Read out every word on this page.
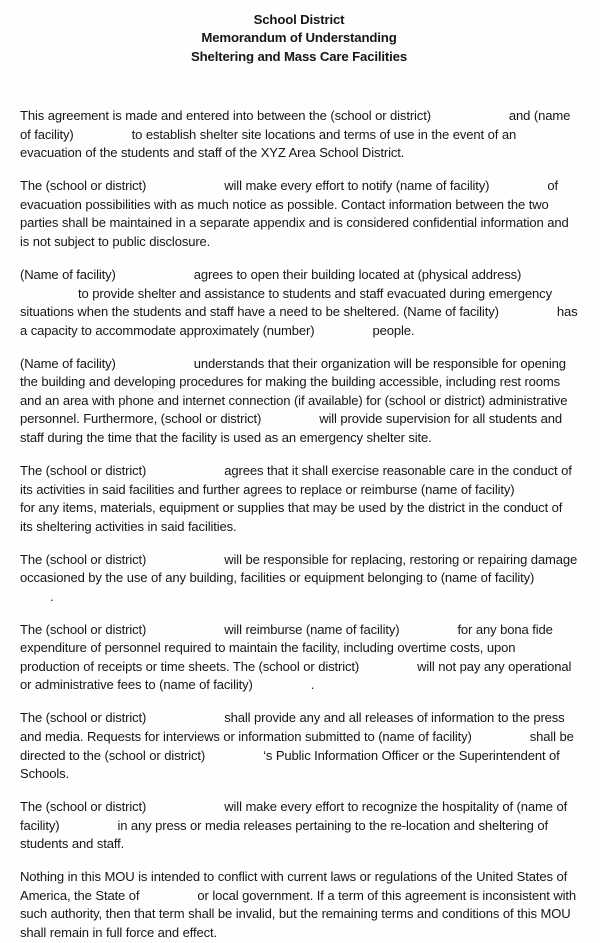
School District
Memorandum of Understanding
Sheltering and Mass Care Facilities

This agreement is made and entered into between the (school or district)	and (name of facility)	to establish shelter site locations and terms of use in the event of an evacuation of the students and staff of the XYZ Area School District.

The (school or district)	will make every effort to notify (name of facility)	of evacuation possibilities with as much notice as possible. Contact information between the two parties shall be maintained in a separate appendix and is considered confidential information and is not subject to public disclosure.

(Name of facility)	agrees to open their building located at (physical address) to provide shelter and assistance to students and staff evacuated during emergency situations when the students and staff have a need to be sheltered. (Name of facility)	has a capacity to accommodate approximately (number)	people.

(Name of facility)	understands that their organization will be responsible for opening the building and developing procedures for making the building accessible, including rest rooms and an area with phone and internet connection (if available) for (school or district) administrative personnel. Furthermore, (school or district)	will provide supervision for all students and staff during the time that the facility is used as an emergency shelter site.

The (school or district)	agrees that it shall exercise reasonable care in the conduct of its activities in said facilities and further agrees to replace or reimburse (name of facility) for any items, materials, equipment or supplies that may be used by the district in the conduct of its sheltering activities in said facilities.

The (school or district)	will be responsible for replacing, restoring or repairing damage occasioned by the use of any building, facilities or equipment belonging to (name of facility)
.

The (school or district)	will reimburse (name of facility)	for any bona fide expenditure of personnel required to maintain the facility, including overtime costs, upon production of receipts or time sheets. The (school or district)	will not pay any operational or administrative fees to (name of facility)	.

The (school or district)	shall provide any and all releases of information to the press and media. Requests for interviews or information submitted to (name of facility)	shall be directed to the (school or district)	‘s Public Information Officer or the Superintendent of Schools.

The (school or district)	will make every effort to recognize the hospitality of (name of facility)	in any press or media releases pertaining to the re-location and sheltering of students and staff.

Nothing in this MOU is intended to conflict with current laws or regulations of the United States of America, the State of	or local government. If a term of this agreement is inconsistent with such authority, then that term shall be invalid, but the remaining terms and conditions of this MOU shall remain in full force and effect.
